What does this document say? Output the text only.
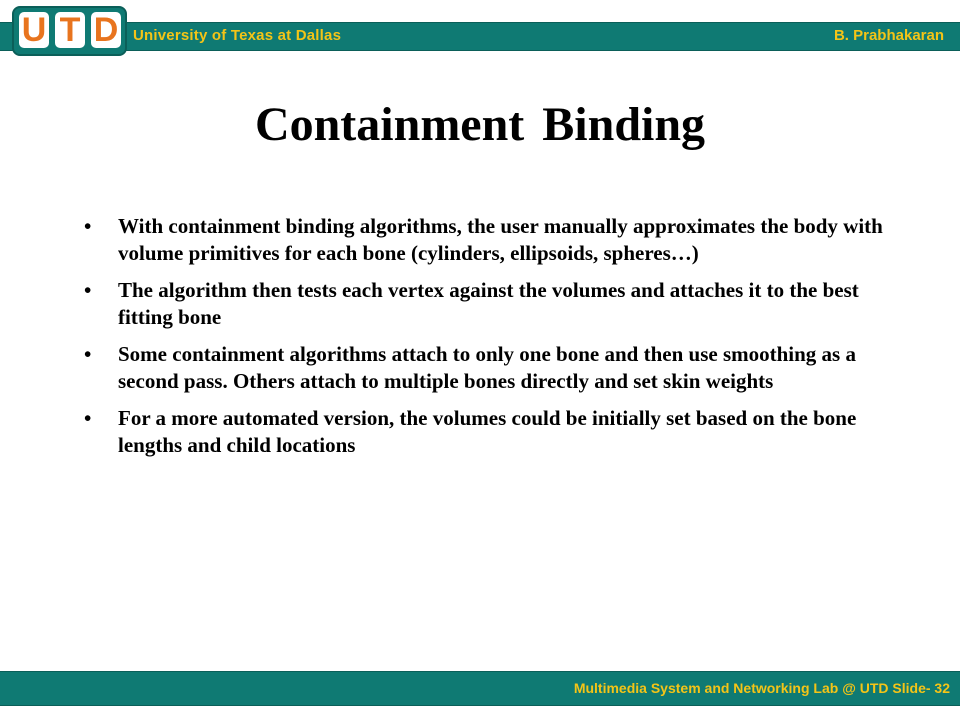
University of Texas at Dallas	B. Prabhakaran
U T D
Containment Binding
• With containment binding algorithms, the user manually approximates the body with volume primitives for each bone (cylinders, ellipsoids, spheres…)
• The algorithm then tests each vertex against the volumes and attaches it to the best fitting bone
• Some containment algorithms attach to only one bone and then use smoothing as a second pass. Others attach to multiple bones directly and set skin weights
• For a more automated version, the volumes could be initially set based on the bone lengths and child locations
Multimedia System and Networking Lab @ UTD Slide- 32
